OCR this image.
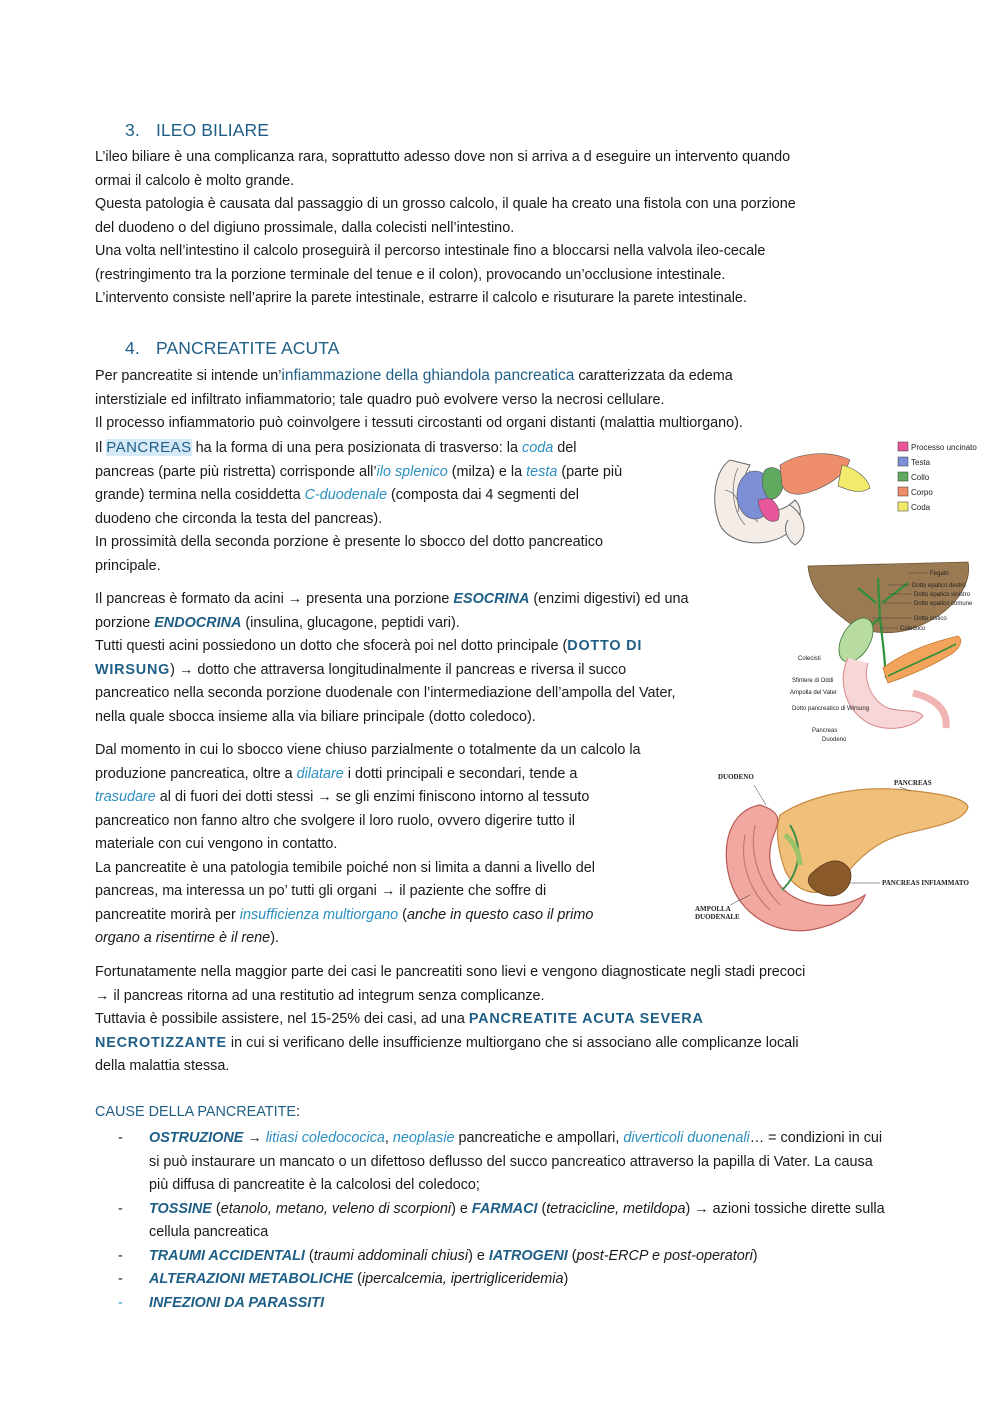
3. ILEO BILIARE
L’ileo biliare è una complicanza rara, soprattutto adesso dove non si arriva a d eseguire un intervento quando
ormai il calcolo è molto grande.
Questa patologia è causata dal passaggio di un grosso calcolo, il quale ha creato una fistola con una porzione
del duodeno o del digiuno prossimale, dalla colecisti nell’intestino.
Una volta nell’intestino il calcolo proseguirà il percorso intestinale fino a bloccarsi nella valvola ileo-cecale
(restringimento tra la porzione terminale del tenue e il colon), provocando un’occlusione intestinale.
L’intervento consiste nell’aprire la parete intestinale, estrarre il calcolo e risuturare la parete intestinale.
4. PANCREATITE ACUTA
Per pancreatite si intende un’infiammazione della ghiandola pancreatica caratterizzata da edema
interstiziale ed infiltrato infiammatorio; tale quadro può evolvere verso la necrosi cellulare.
Il processo infiammatorio può coinvolgere i tessuti circostanti od organi distanti (malattia multiorgano).
Il PANCREAS ha la forma di una pera posizionata di trasverso: la coda del
pancreas (parte più ristretta) corrisponde all’ilo splenico (milza) e la testa (parte più
grande) termina nella cosiddetta C-duodenale (composta dai 4 segmenti del
duodeno che circonda la testa del pancreas).
In prossimità della seconda porzione è presente lo sbocco del dotto pancreatico
principale.
Il pancreas è formato da acini → presenta una porzione ESOCRINA (enzimi digestivi) ed una
porzione ENDOCRINA (insulina, glucagone, peptidi vari).
Tutti questi acini possiedono un dotto che sfocerà poi nel dotto principale (DOTTO DI
WIRSUNG) → dotto che attraversa longitudinalmente il pancreas e riversa il succo
pancreatico nella seconda porzione duodenale con l’intermediazione dell’ampolla del Vater,
nella quale sbocca insieme alla via biliare principale (dotto coledoco).
Dal momento in cui lo sbocco viene chiuso parzialmente o totalmente da un calcolo la
produzione pancreatica, oltre a dilatare i dotti principali e secondari, tende a
trasudare al di fuori dei dotti stessi → se gli enzimi finiscono intorno al tessuto
pancreatico non fanno altro che svolgere il loro ruolo, ovvero digerire tutto il
materiale con cui vengono in contatto.
La pancreatite è una patologia temibile poiché non si limita a danni a livello del
pancreas, ma interessa un po’ tutti gli organi → il paziente che soffre di
pancreatite morirà per insufficienza multiorgano (anche in questo caso il primo
organo a risentirne è il rene).
Fortunatamente nella maggior parte dei casi le pancreatiti sono lievi e vengono diagnosticate negli stadi precoci
→ il pancreas ritorna ad una restitutio ad integrum senza complicanze.
Tuttavia è possibile assistere, nel 15-25% dei casi, ad una PANCREATITE ACUTA SEVERA
NECROTIZZANTE in cui si verificano delle insufficienze multiorgano che si associano alle complicanze locali
della malattia stessa.
CAUSE DELLA PANCREATITE:
- OSTRUZIONE → litiasi coledococica, neoplasie pancreatiche e ampollari, diverticoli duonenali… = condizioni in cui si può instaurare un mancato o un difettoso deflusso del succo pancreatico attraverso la papilla di Vater. La causa più diffusa di pancreatite è la calcolosi del coledoco;
- TOSSINE (etanolo, metano, veleno di scorpioni) e FARMACI (tetracicline, metildopa) → azioni tossiche dirette sulla cellula pancreatica
- TRAUMI ACCIDENTALI (traumi addominali chiusi) e IATROGENI (post-ERCP e post-operatori)
- ALTERAZIONI METABOLICHE (ipercalcemia, ipertrigliceridemia)
- INFEZIONI DA PARASSITI
Processo uncinato
Testa
Collo
Corpo
Coda
Fegato
Dotto epatico destro
Dotto epatico sinistro
Dotto epatico comune
Dotto cistico
Coledoco
Colecisti
Sfintere di Oddi
Ampolla del Vater
Dotto pancreatico di Wirsung
Pancreas
Duodeno
DUODENO
PANCREAS
PANCREAS INFIAMMATO
AMPOLLA
DUODENALE
